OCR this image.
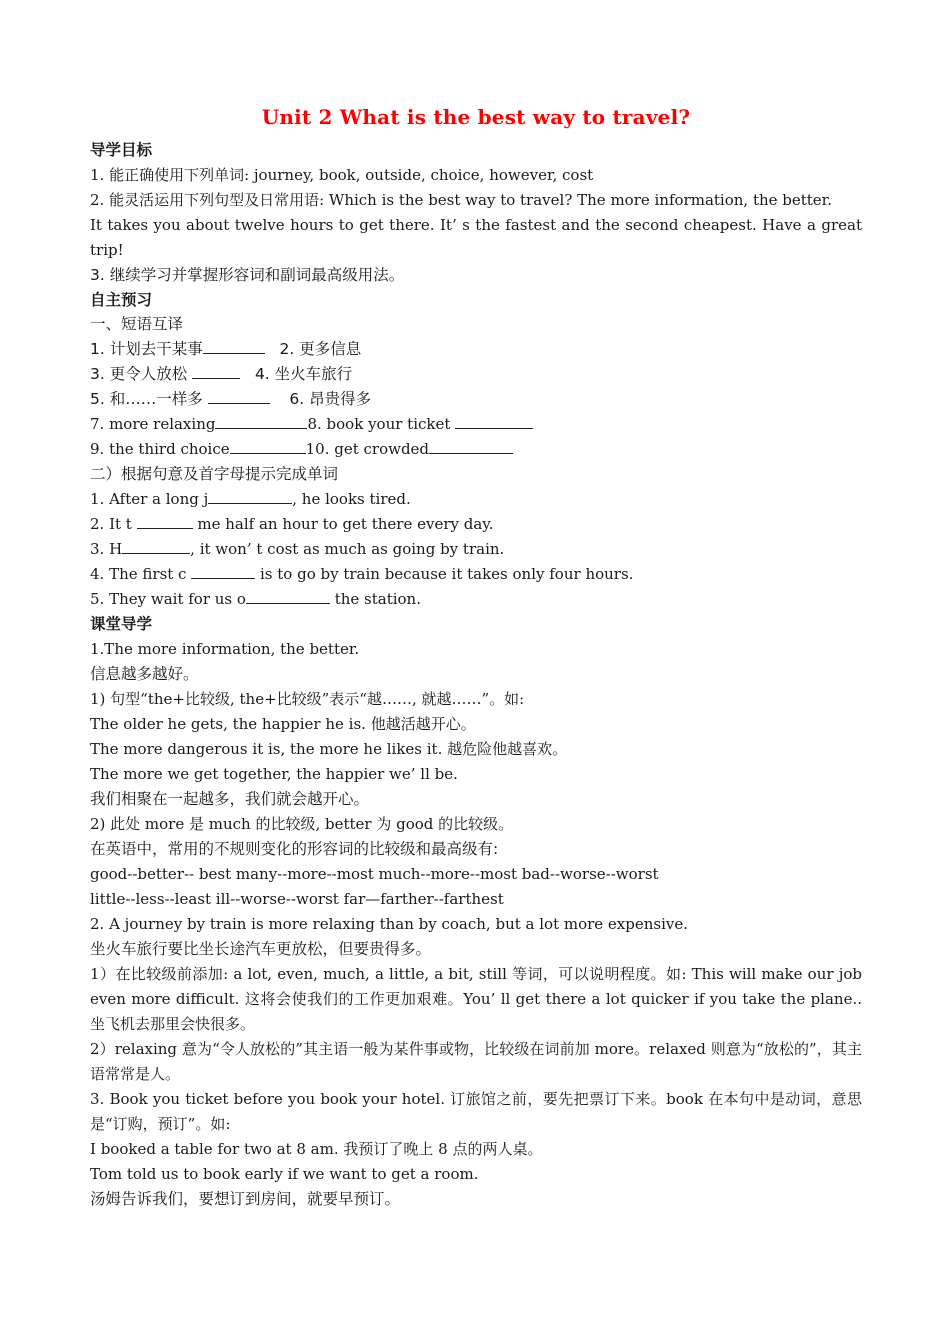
Unit 2 What is the best way to travel?
导学目标
1. 能正确使用下列单词: journey, book, outside, choice, however, cost
2. 能灵活运用下列句型及日常用语: Which is the best way to travel? The more information, the better.
It takes you about twelve hours to get there. It’ s the fastest and the second cheapest. Have a great trip!
3. 继续学习并掌握形容词和副词最高级用法。
自主预习
一、短语互译
1. 计划去干某事	2. 更多信息
3. 更令人放松	4. 坐火车旅行
5. 和……一样多	6. 昂贵得多
7. more relaxing	8. book your ticket
9. the third choice	10. get crowded
二）根据句意及首字母提示完成单词
1. After a long j	, he looks tired.
2. It t	me half an hour to get there every day.
3. H	, it won’ t cost as much as going by train.
4. The first c	is to go by train because it takes only four hours.
5. They wait for us o	the station.
课堂导学
1.The more information, the better.
信息越多越好。
1) 句型“the+比较级, the+比较级”表示“越……, 就越……”。如:
The older he gets, the happier he is. 他越活越开心。
The more dangerous it is, the more he likes it. 越危险他越喜欢。
The more we get together, the happier we’ ll be.
我们相聚在一起越多，我们就会越开心。
2) 此处 more 是 much 的比较级, better 为 good 的比较级。
在英语中，常用的不规则变化的形容词的比较级和最高级有:
good--better-- best many--more--most much--more--most bad--worse--worst
little--less--least ill--worse--worst far—farther--farthest
2. A journey by train is more relaxing than by coach, but a lot more expensive.
坐火车旅行要比坐长途汽车更放松，但要贵得多。
1）在比较级前添加: a lot, even, much, a little, a bit, still 等词，可以说明程度。如: This will make our job even more difficult. 这将会使我们的工作更加艰难。You’ ll get there a lot quicker if you take the plane.. 坐飞机去那里会快很多。
2）relaxing 意为“令人放松的”其主语一般为某件事或物，比较级在词前加 more。relaxed 则意为“放松的”，其主语常常是人。
3. Book you ticket before you book your hotel. 订旅馆之前，要先把票订下来。book 在本句中是动词，意思是“订购，预订”。如:
I booked a table for two at 8 am. 我预订了晚上 8 点的两人桌。
Tom told us to book early if we want to get a room.
汤姆告诉我们，要想订到房间，就要早预订。
